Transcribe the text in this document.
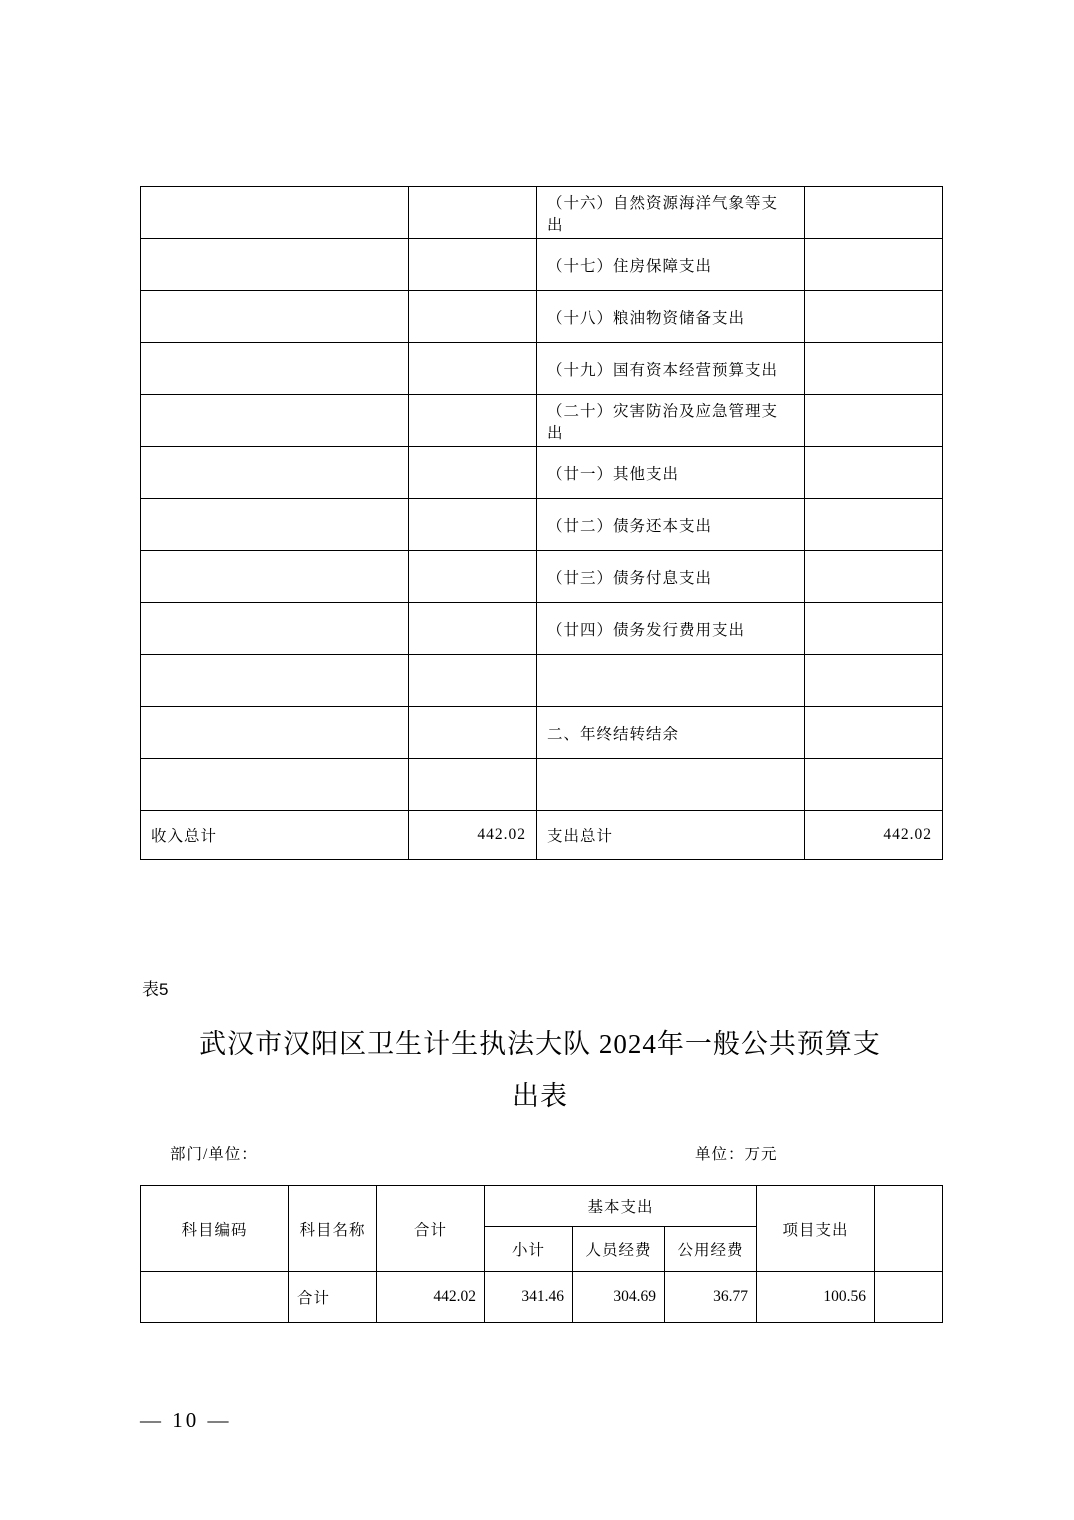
		（十六）自然资源海洋气象等支出	
		（十七）住房保障支出	
		（十八）粮油物资储备支出	
		（十九）国有资本经营预算支出	
		（二十）灾害防治及应急管理支出	
		（廿一）其他支出	
		（廿二）债务还本支出	
		（廿三）债务付息支出	
		（廿四）债务发行费用支出	

		二、年终结转结余	

收入总计	442.02	支出总计	442.02
表5
武汉市汉阳区卫生计生执法大队 2024年一般公共预算支
出表
部门/单位：	单位：万元
科目编码	科目名称	合计	基本支出			项目支出	
			小计	人员经费	公用经费		
	合计	442.02	341.46	304.69	36.77	100.56	
— 10 —
